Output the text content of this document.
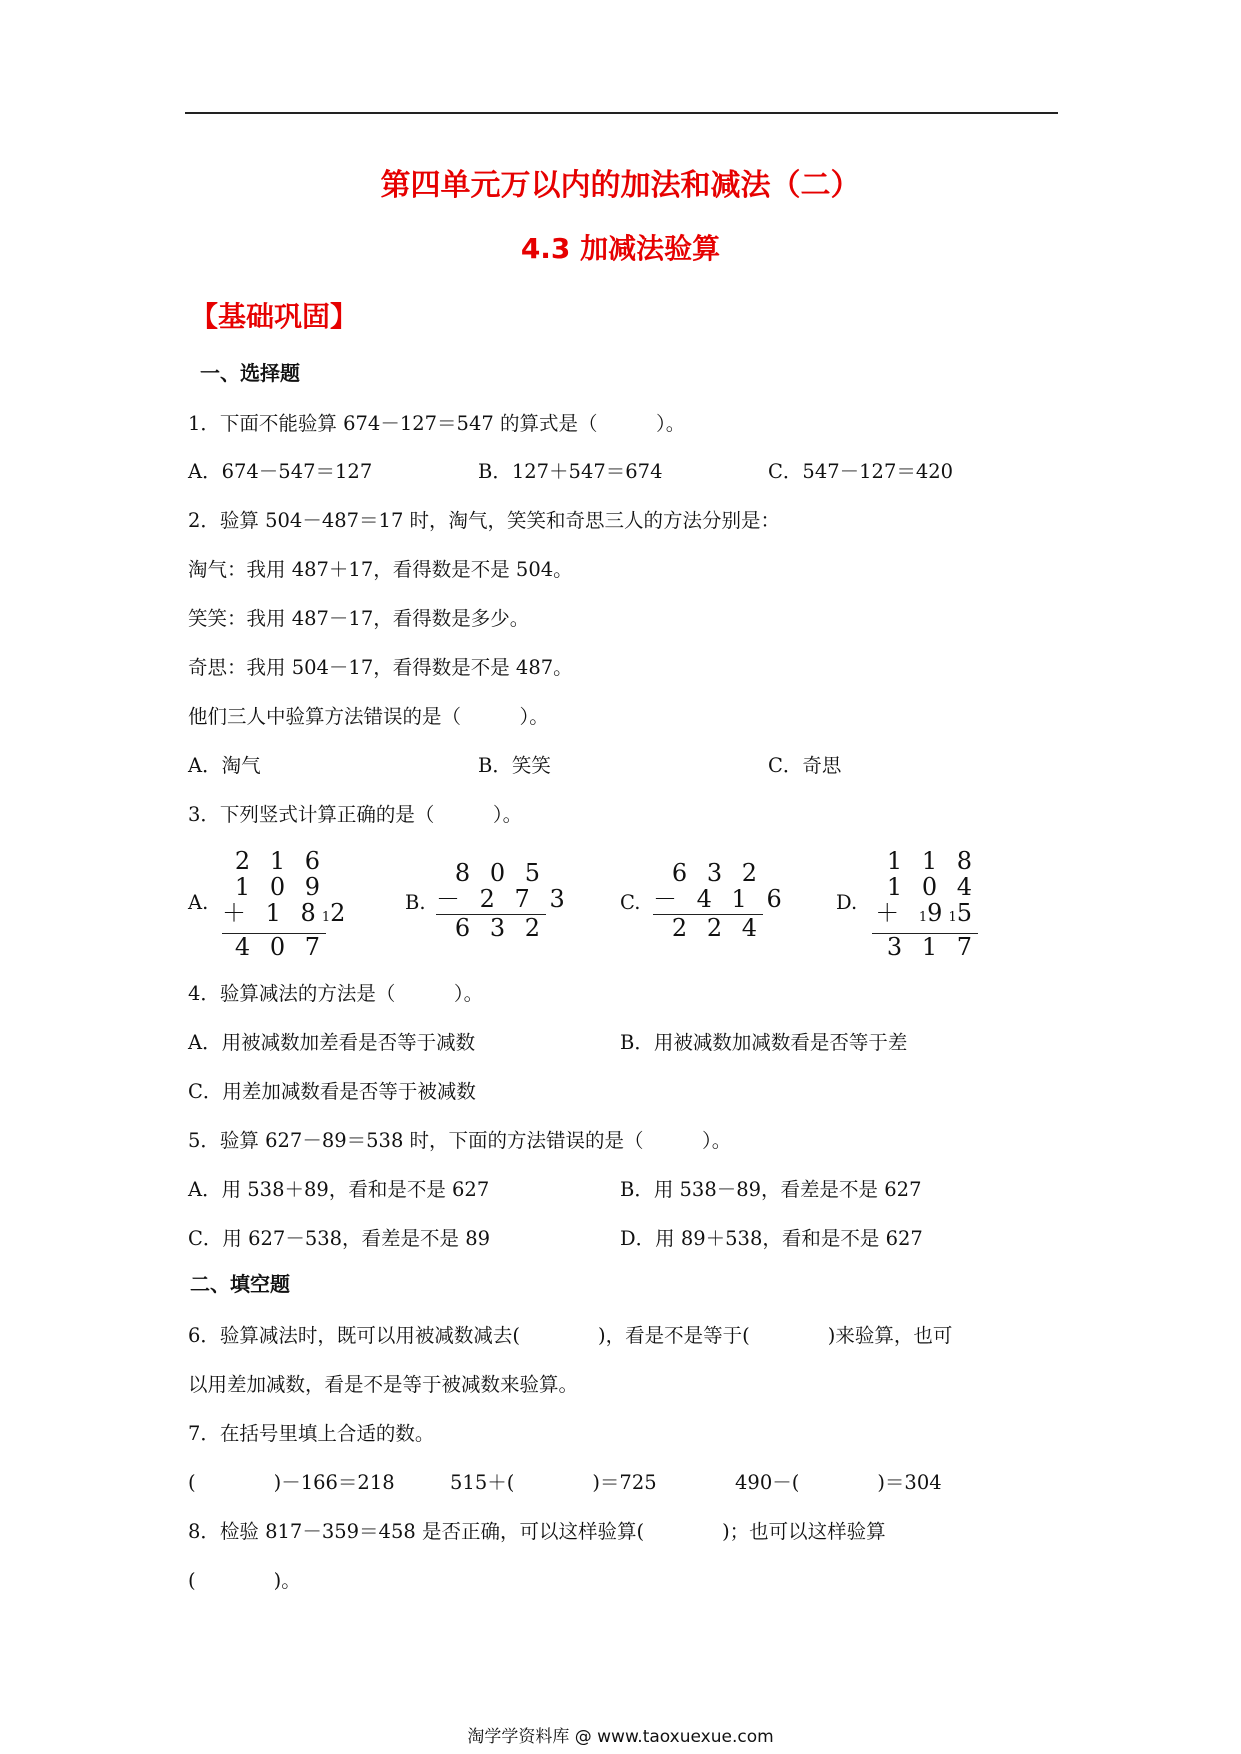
第四单元万以内的加法和减法（二）
4.3 加减法验算
【基础巩固】
一、选择题
1．下面不能验算 674－127＝547 的算式是（　　　）。
A．674－547＝127	B．127＋547＝674	C．547－127＝420
2．验算 504－487＝17 时，淘气，笑笑和奇思三人的方法分别是：
淘气：我用 487＋17，看得数是不是 504。
笑笑：我用 487－17，看得数是多少。
奇思：我用 504－17，看得数是不是 487。
他们三人中验算方法错误的是（　　　）。
A．淘气	B．笑笑	C．奇思
3．下列竖式计算正确的是（　　　）。
A.
2 1 6
1 0 9
＋ 1 812
4 0 7
B.
8 0 5
－ 2 7 3
6 3 2
C.
6 3 2
－ 4 1 6
2 2 4
D.
1 1 8
1 0 4
＋ 1915
3 1 7
4．验算减法的方法是（　　　）。
A．用被减数加差看是否等于减数	B．用被减数加减数看是否等于差
C．用差加减数看是否等于被减数
5．验算 627－89＝538 时，下面的方法错误的是（　　　）。
A．用 538＋89，看和是不是 627	B．用 538－89，看差是不是 627
C．用 627－538，看差是不是 89	D．用 89＋538，看和是不是 627
二、填空题
6．验算减法时，既可以用被减数减去(　　　　)，看是不是等于(　　　　)来验算，也可
以用差加减数，看是不是等于被减数来验算。
7．在括号里填上合适的数。
(　　　　)－166＝218	515＋(　　　　)＝725	490－(　　　　)＝304
8．检验 817－359＝458 是否正确，可以这样验算(　　　　)；也可以这样验算
(　　　　)。
淘学学资料库 @ www.taoxuexue.com
